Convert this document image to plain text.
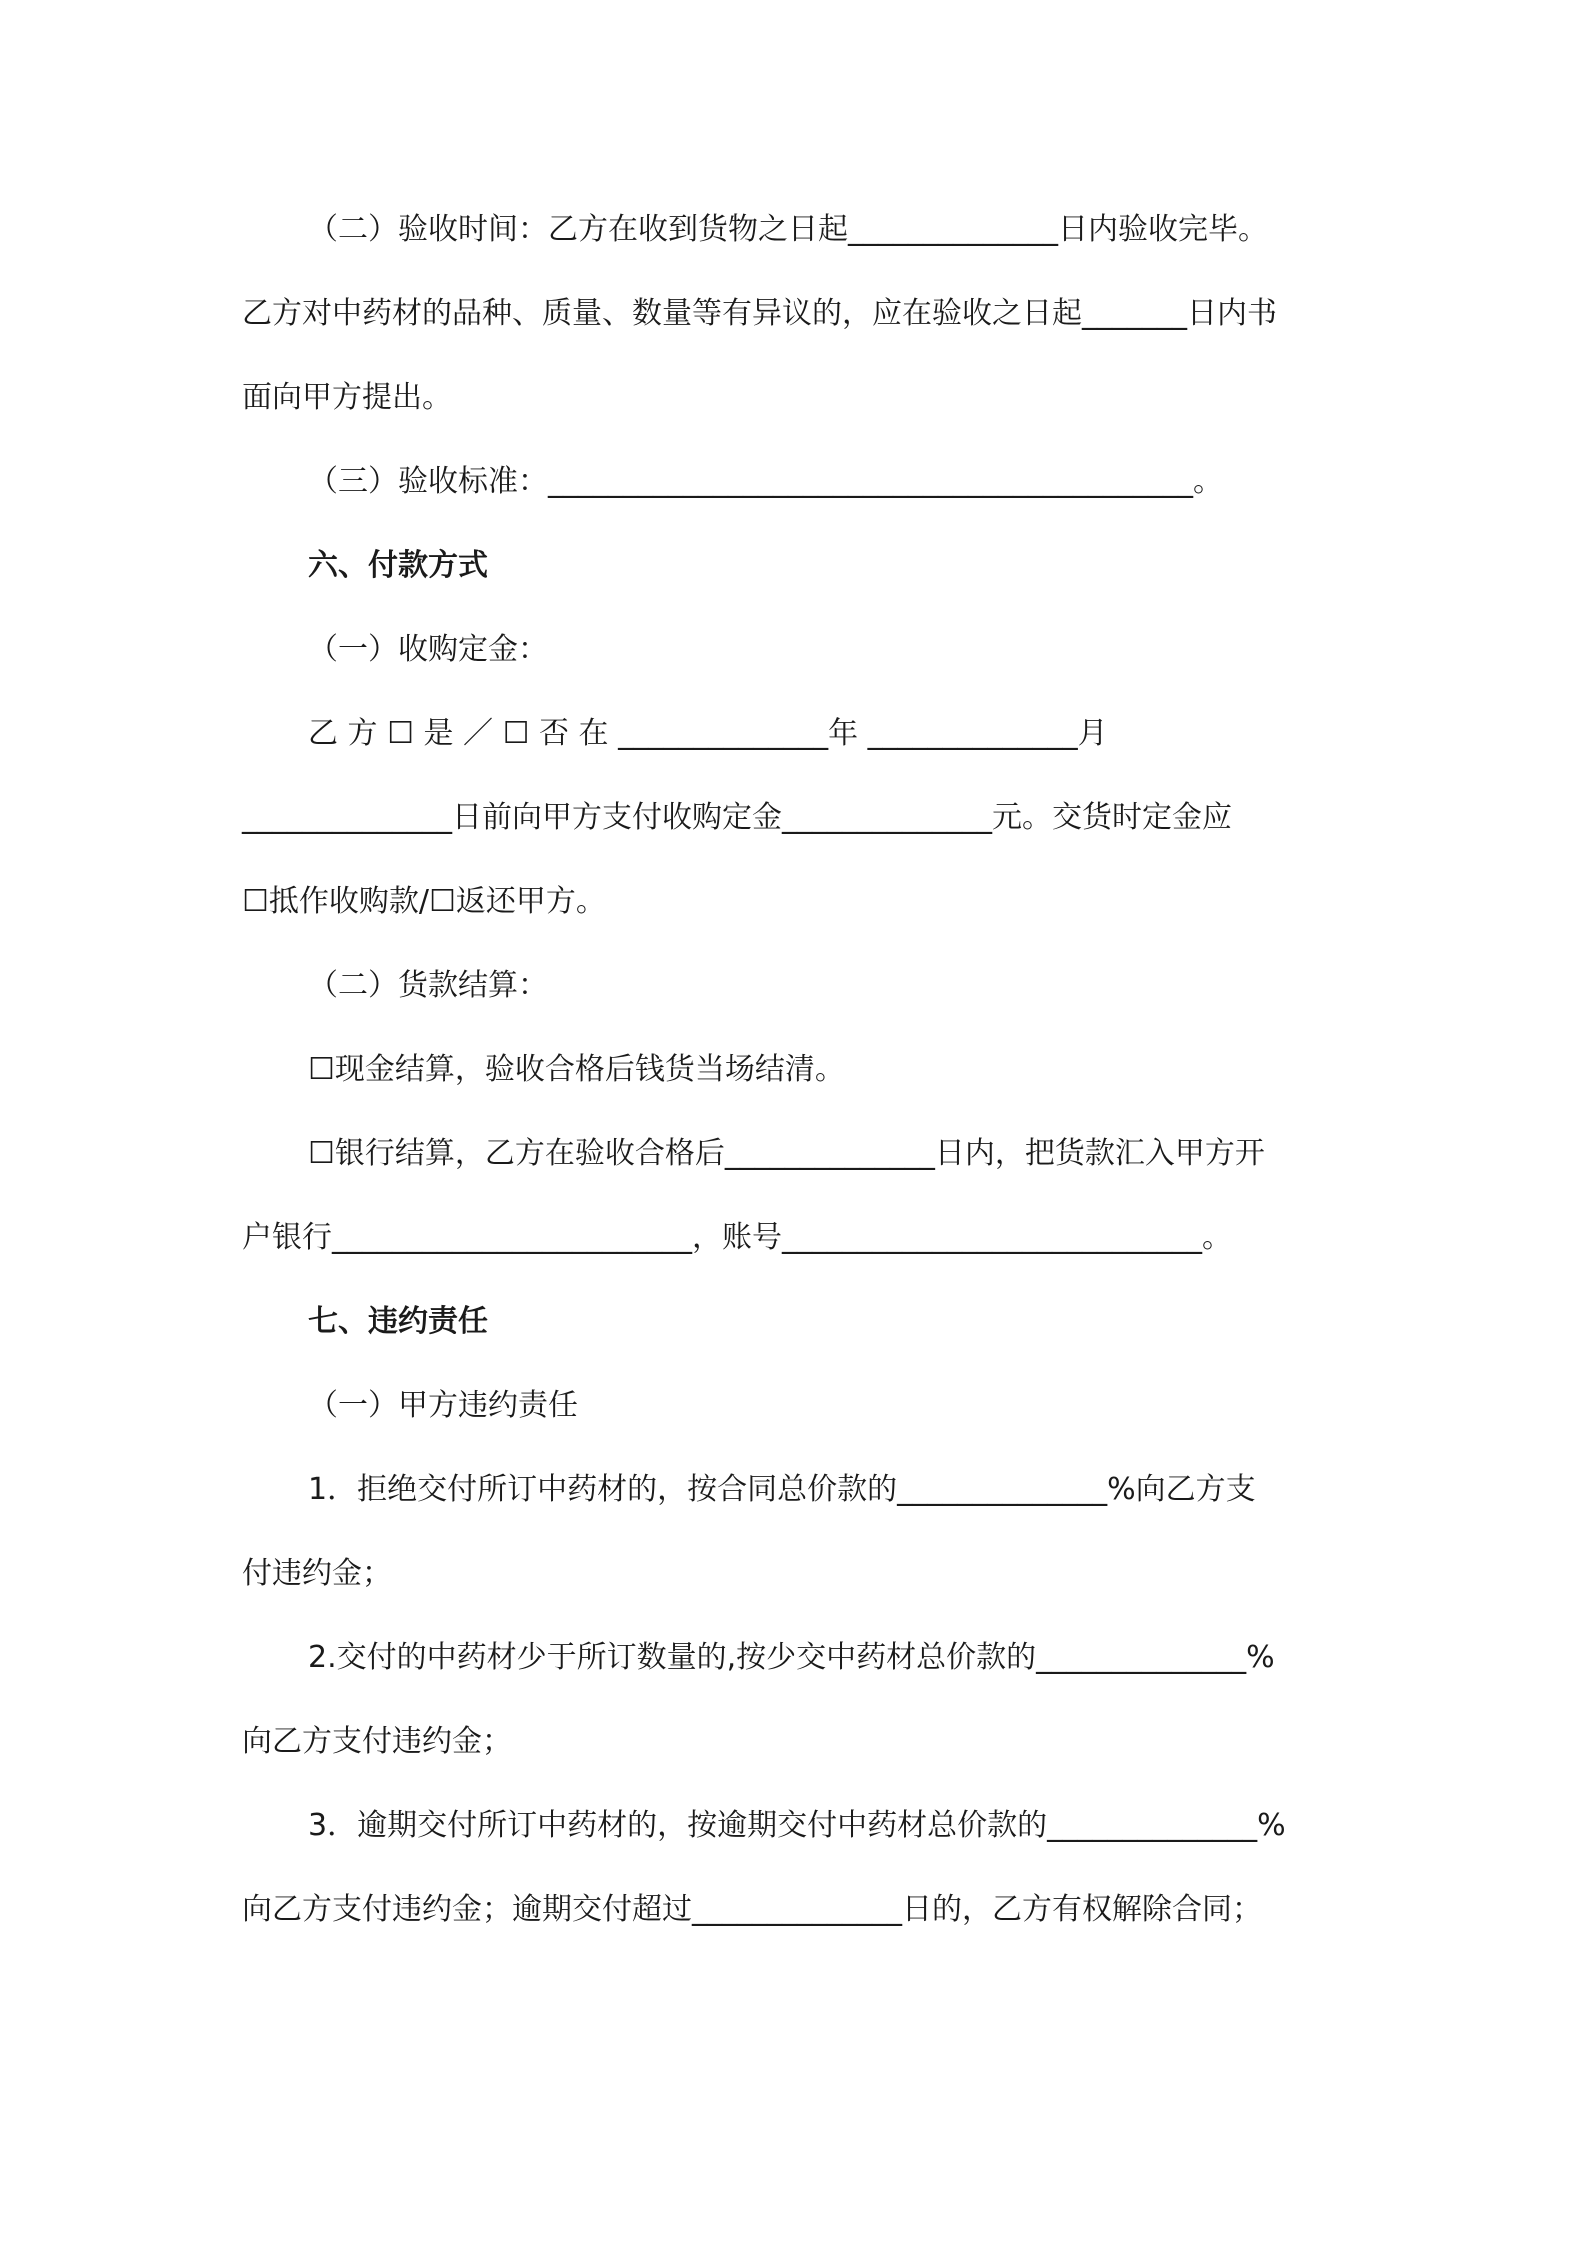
（二）验收时间：乙方在收到货物之日起______________日内验收完毕。
乙方对中药材的品种、质量、数量等有异议的，应在验收之日起_______日内书
面向甲方提出。
（三）验收标准：___________________________________________。
六、付款方式
（一）收购定金：
乙 方 ☐ 是 ／ ☐ 否 在 ______________年 ______________月
______________日前向甲方支付收购定金______________元。交货时定金应
☐抵作收购款/☐返还甲方。
（二）货款结算：
☐现金结算，验收合格后钱货当场结清。
☐银行结算，乙方在验收合格后______________日内，把货款汇入甲方开
户银行________________________，账号____________________________。
七、违约责任
（一）甲方违约责任
1．拒绝交付所订中药材的，按合同总价款的______________%向乙方支
付违约金；
2.交付的中药材少于所订数量的,按少交中药材总价款的______________%
向乙方支付违约金；
3．逾期交付所订中药材的，按逾期交付中药材总价款的______________%
向乙方支付违约金；逾期交付超过______________日的，乙方有权解除合同；
